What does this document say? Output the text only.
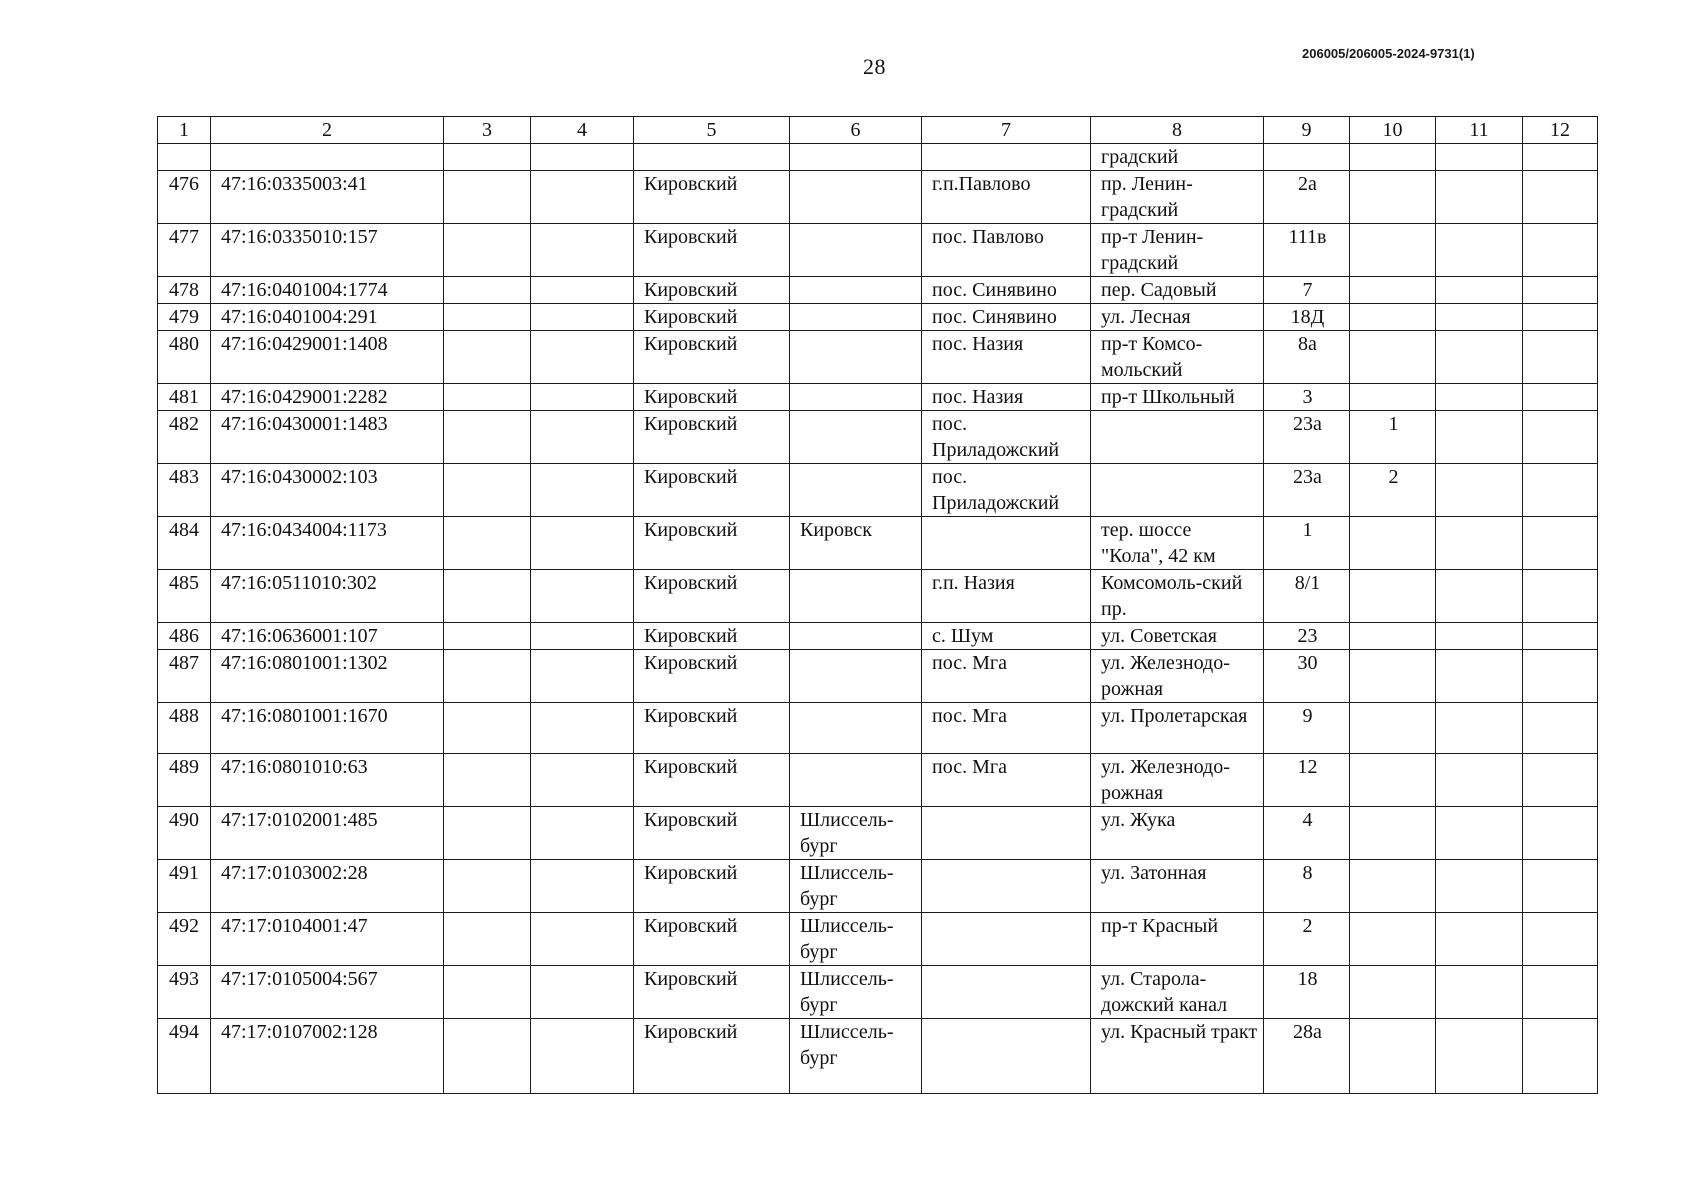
28
206005/206005-2024-9731(1)
1	2	3	4	5	6	7	8	9	10	11	12
							градский				
476	47:16:0335003:41			Кировский		г.п.Павлово	пр. Ленин-градский	2а			
477	47:16:0335010:157			Кировский		пос. Павлово	пр-т Ленин-градский	111в			
478	47:16:0401004:1774			Кировский		пос. Синявино	пер. Садовый	7			
479	47:16:0401004:291			Кировский		пос. Синявино	ул. Лесная	18Д			
480	47:16:0429001:1408			Кировский		пос. Назия	пр-т Комсо-мольский	8а			
481	47:16:0429001:2282			Кировский		пос. Назия	пр-т Школьный	3			
482	47:16:0430001:1483			Кировский		пос. Приладожский		23а	1		
483	47:16:0430002:103			Кировский		пос. Приладожский		23а	2		
484	47:16:0434004:1173			Кировский	Кировск		тер. шоссе "Кола", 42 км	1			
485	47:16:0511010:302			Кировский		г.п. Назия	Комсомоль-ский пр.	8/1			
486	47:16:0636001:107			Кировский		с. Шум	ул. Советская	23			
487	47:16:0801001:1302			Кировский		пос. Мга	ул. Железнодо-рожная	30			
488	47:16:0801001:1670			Кировский		пос. Мга	ул. Пролетарская	9			
489	47:16:0801010:63			Кировский		пос. Мга	ул. Железнодо-рожная	12			
490	47:17:0102001:485			Кировский	Шлиссель-бург		ул. Жука	4			
491	47:17:0103002:28			Кировский	Шлиссель-бург		ул. Затонная	8			
492	47:17:0104001:47			Кировский	Шлиссель-бург		пр-т Красный	2			
493	47:17:0105004:567			Кировский	Шлиссель-бург		ул. Старола-дожский канал	18			
494	47:17:0107002:128			Кировский	Шлиссель-бург		ул. Красный тракт	28а			
